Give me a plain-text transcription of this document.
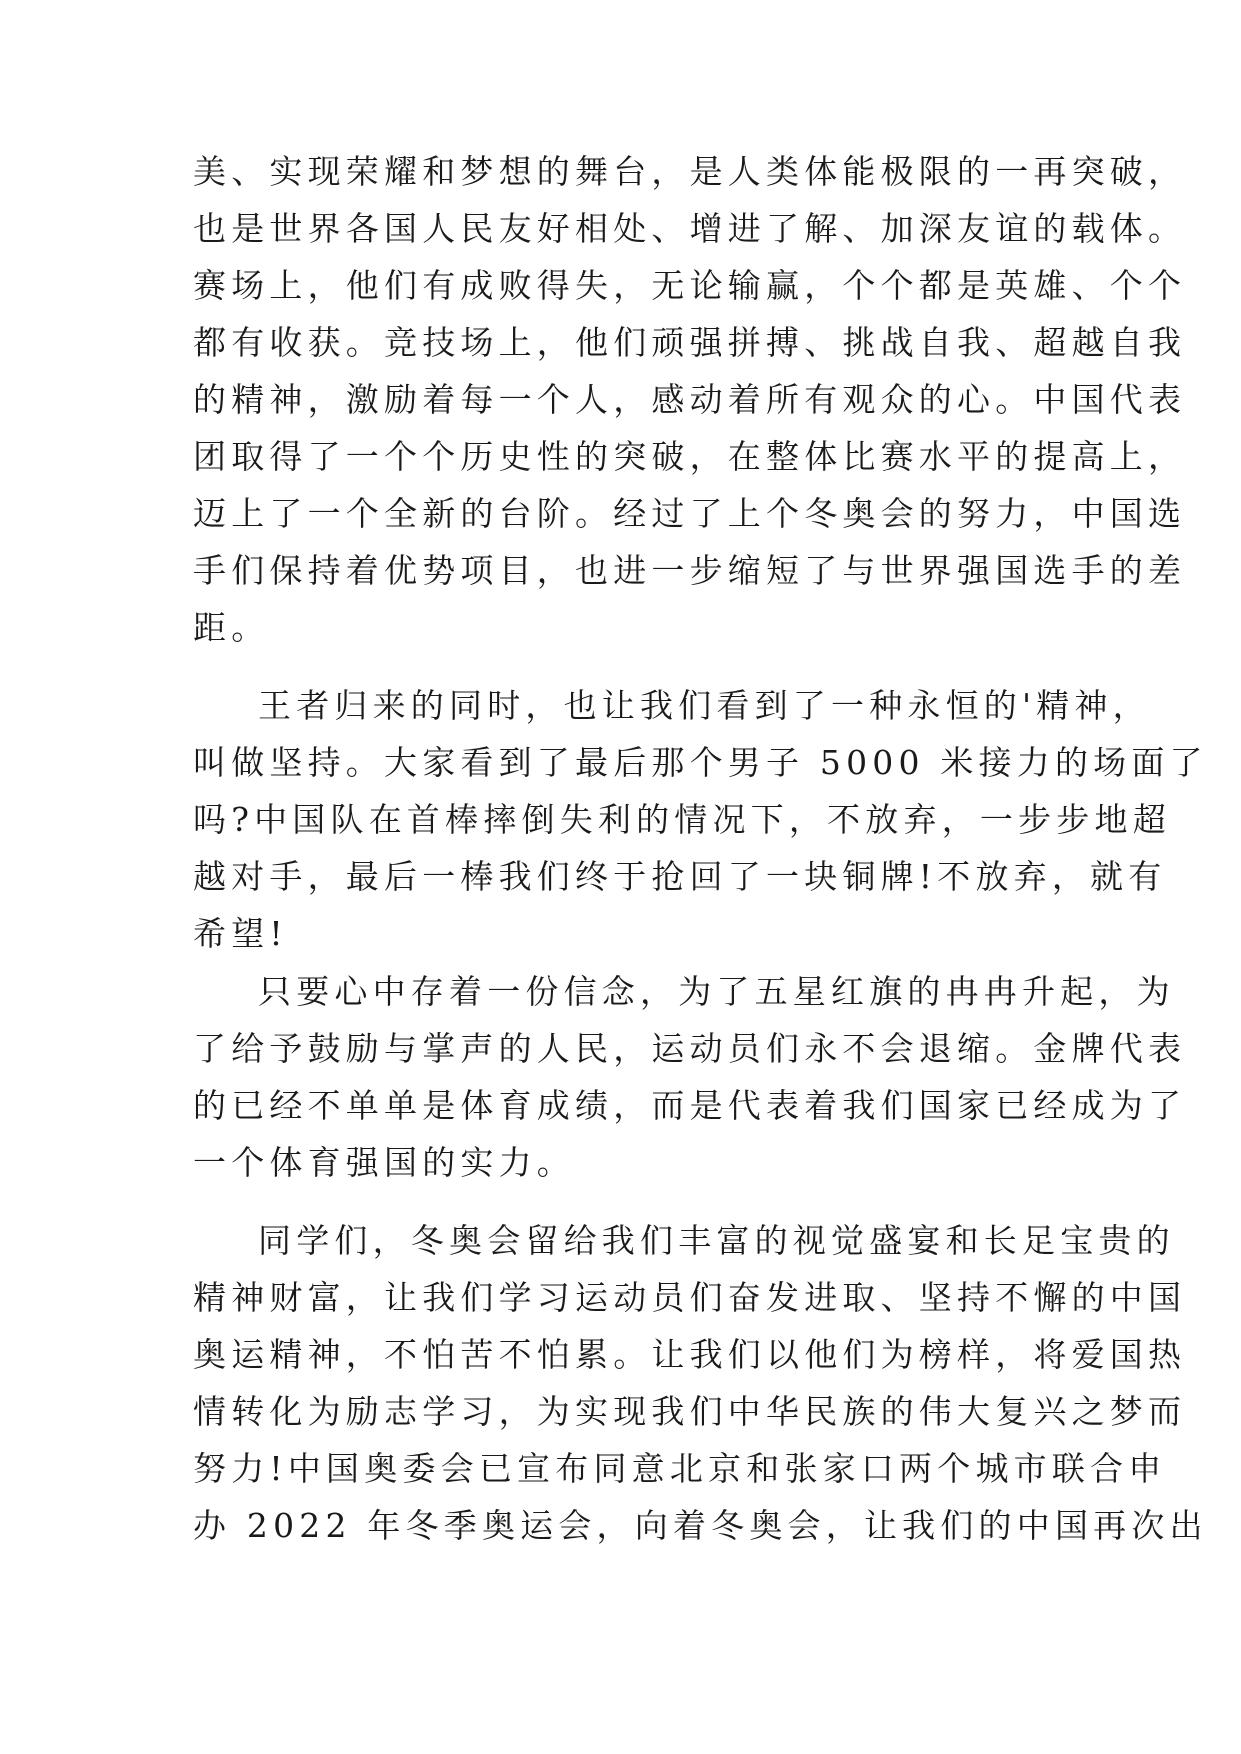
美、实现荣耀和梦想的舞台，是人类体能极限的一再突破，
也是世界各国人民友好相处、增进了解、加深友谊的载体。
赛场上，他们有成败得失，无论输赢，个个都是英雄、个个
都有收获。竞技场上，他们顽强拼搏、挑战自我、超越自我
的精神，激励着每一个人，感动着所有观众的心。中国代表
团取得了一个个历史性的突破，在整体比赛水平的提高上，
迈上了一个全新的台阶。经过了上个冬奥会的努力，中国选
手们保持着优势项目，也进一步缩短了与世界强国选手的差
距。
王者归来的同时，也让我们看到了一种永恒的'精神，
叫做坚持。大家看到了最后那个男子 5000 米接力的场面了
吗?中国队在首棒摔倒失利的情况下，不放弃，一步步地超
越对手，最后一棒我们终于抢回了一块铜牌!不放弃，就有
希望!
只要心中存着一份信念，为了五星红旗的冉冉升起，为
了给予鼓励与掌声的人民，运动员们永不会退缩。金牌代表
的已经不单单是体育成绩，而是代表着我们国家已经成为了
一个体育强国的实力。
同学们，冬奥会留给我们丰富的视觉盛宴和长足宝贵的
精神财富，让我们学习运动员们奋发进取、坚持不懈的中国
奥运精神，不怕苦不怕累。让我们以他们为榜样，将爱国热
情转化为励志学习，为实现我们中华民族的伟大复兴之梦而
努力!中国奥委会已宣布同意北京和张家口两个城市联合申
办 2022 年冬季奥运会，向着冬奥会，让我们的中国再次出
